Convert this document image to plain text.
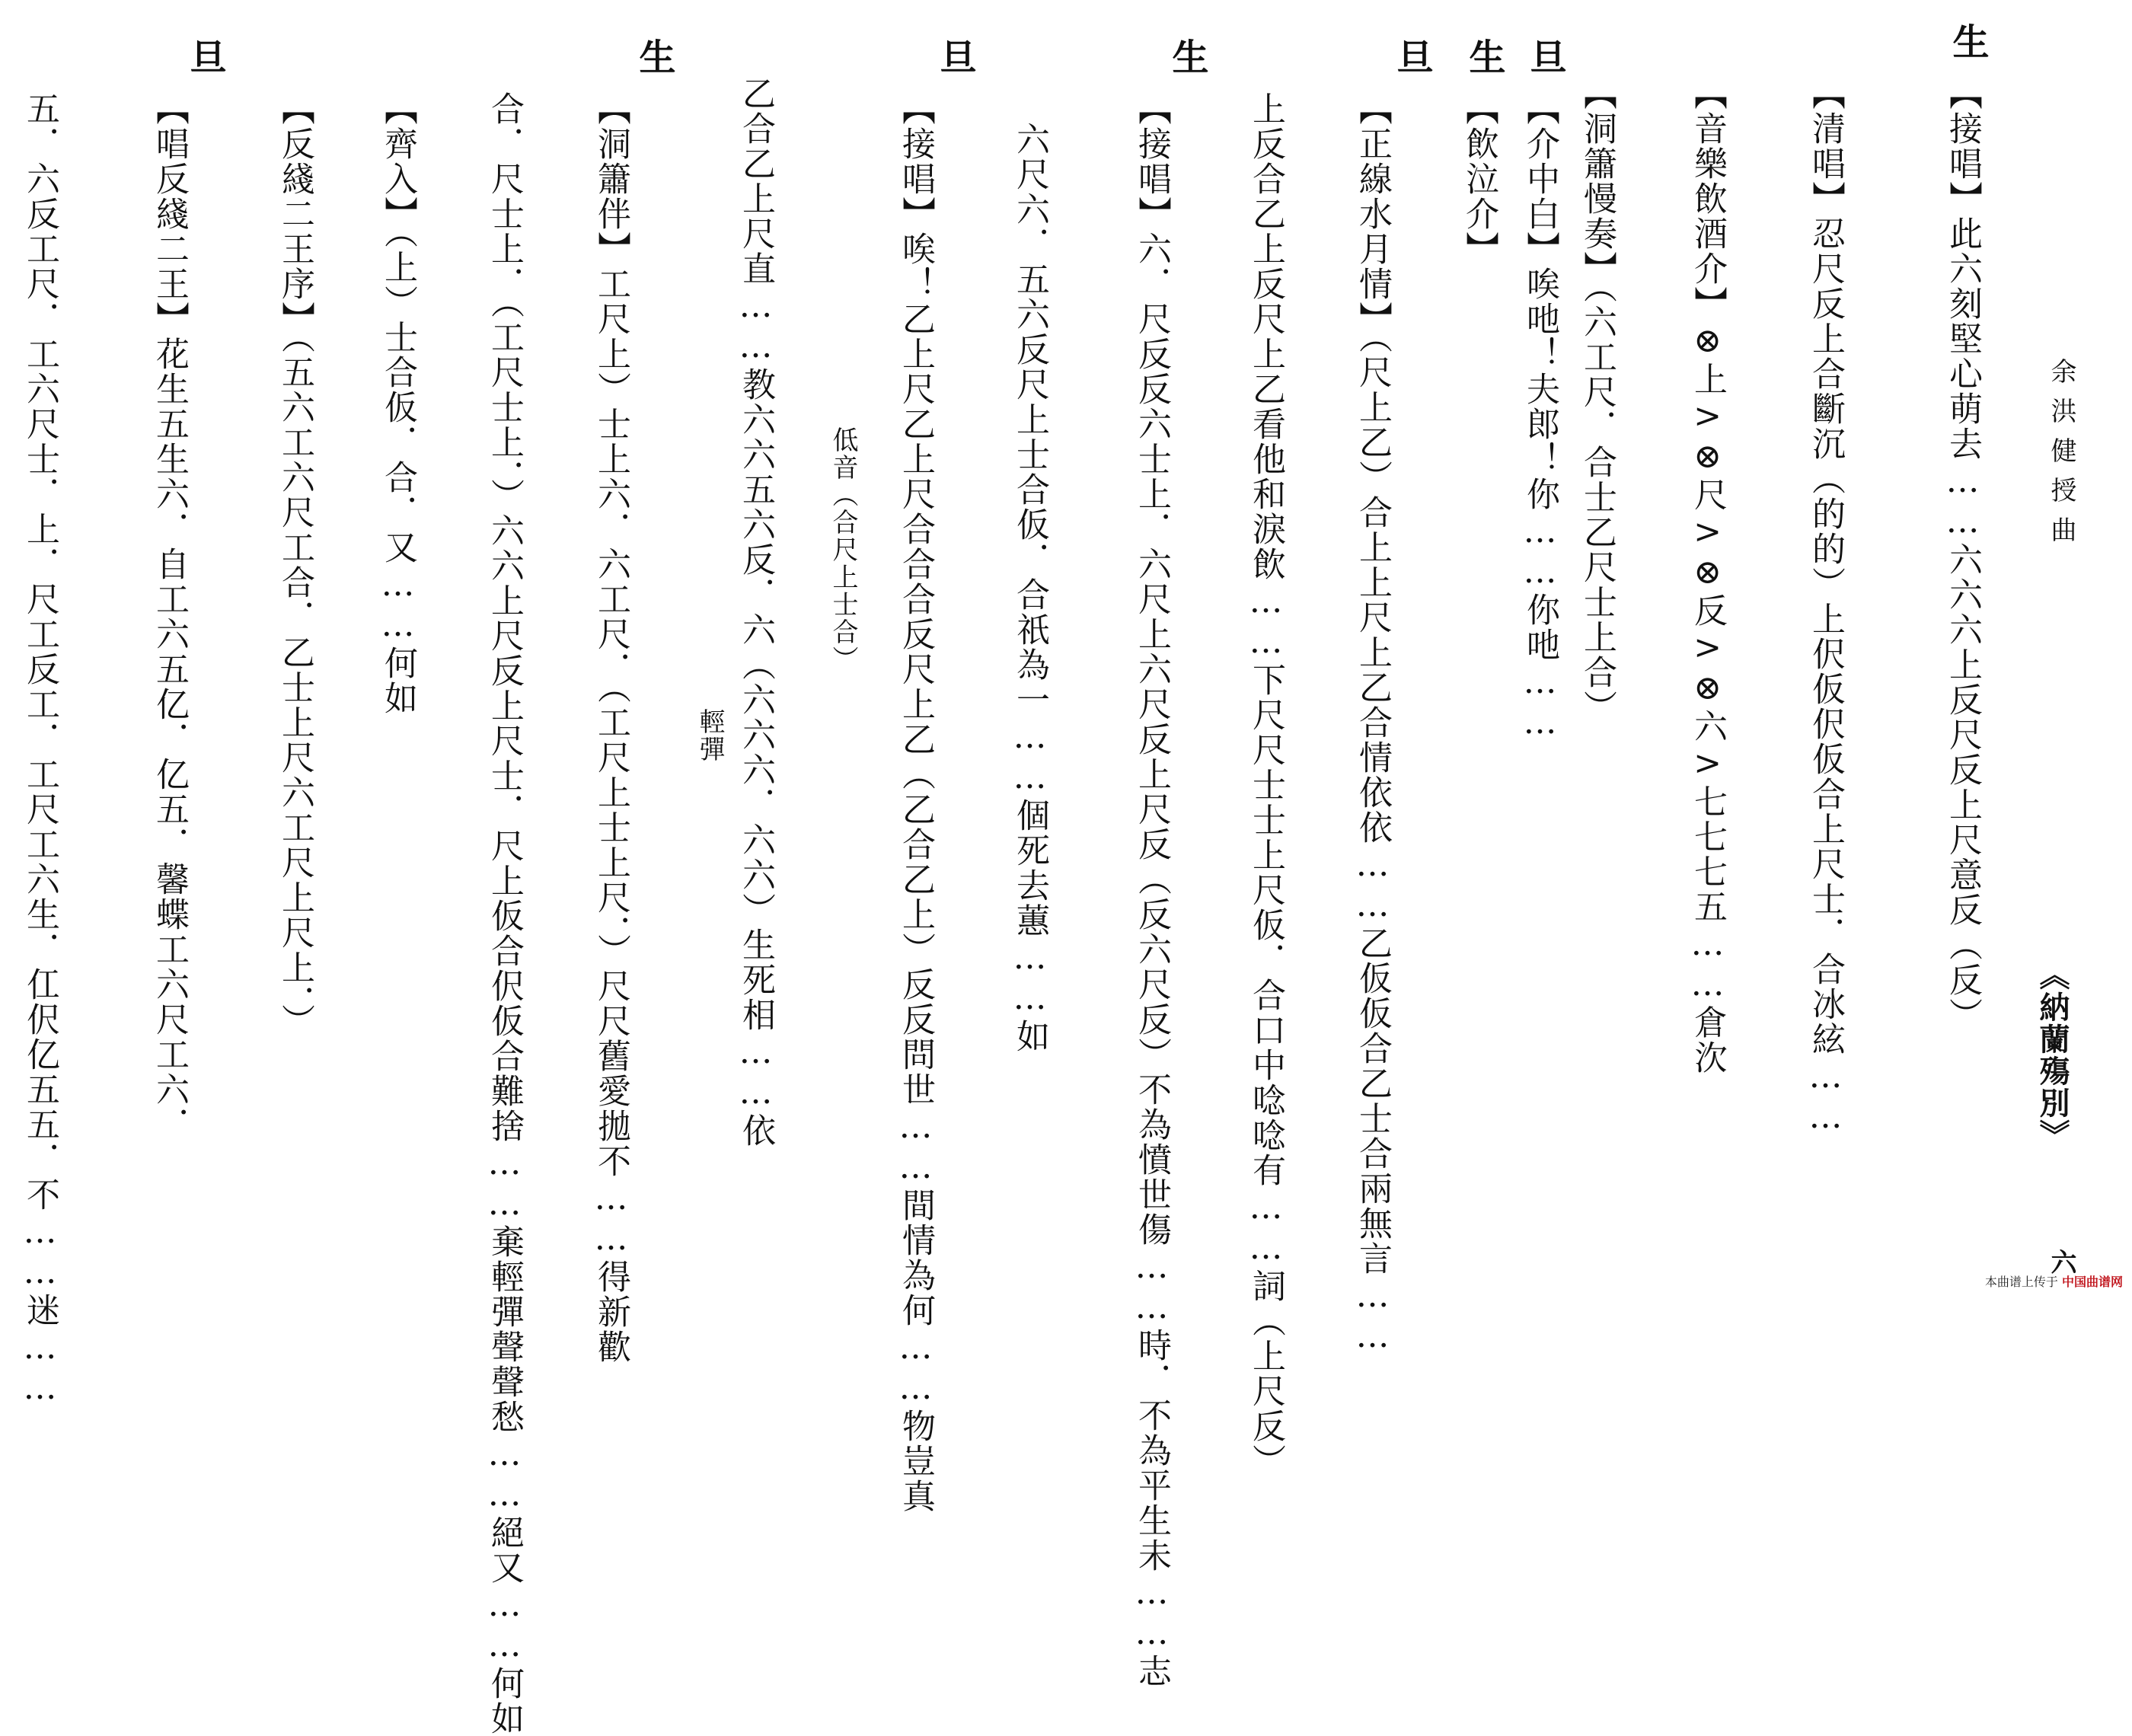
余洪健授曲
《納蘭殤別》
六
生
【接唱】此六刻堅心萌去……六六六上反尺反上尺意反（反）
【清唱】忍尺反上合斷沉（的的）上伬仮伬仮合上尺士．合冰絃……
【音樂飲酒介】⊗上>⊗尺>⊗反>⊗六>七七七五……倉㳄
【洞簫慢奏】（六工尺．合士乙尺士上合）
旦
【介中白】唉吔！夫郎！你……你吔……
生
【飲泣介】
旦
【正線水月情】（尺上乙）合上上尺上乙合情依依……乙仮仮合乙士合兩無言……
上反合乙上反尺上乙看他和淚飲……下尺尺士士上尺仮．合口中唸唸有……詞（上尺反）
生
【接唱】六．尺反反六士上．六尺上六尺反上尺反（反六尺反）不為憤世傷……時．不為平生未……志
六尺六．五六反尺上士合仮．合祇為一……個死去蕙……如
旦
【接唱】唉！乙上尺乙上尺合合合反尺上乙（乙合乙上）反反問世……間情為何……物豈真
乙合乙上尺直……教六六五六反．六（六六六．六六）生死相……依 低音（合尺上士合）
輕彈
生
【洞簫伴】工尺上）士上六．六工尺．（工尺上士上尺．）尺尺舊愛拋不……得新歡
合．尺士上．（工尺士上．）六六上尺反上尺士．尺上仮合伬仮合難捨……棄輕彈聲聲愁……絕又……何如
【齊入】（上）士合仮．合．又……何如
【反綫二王序】（五六工六尺工合．乙士上尺六工尺上尺上．）
旦
【唱反綫二王】花生五生六．自工六五亿．亿五．馨蝶工六尺工六．
五．六反工尺．工六尺士．上．尺工反工．工尺工六生．仜伬亿五五．不……迷……	本曲谱上传于 中国曲谱网
